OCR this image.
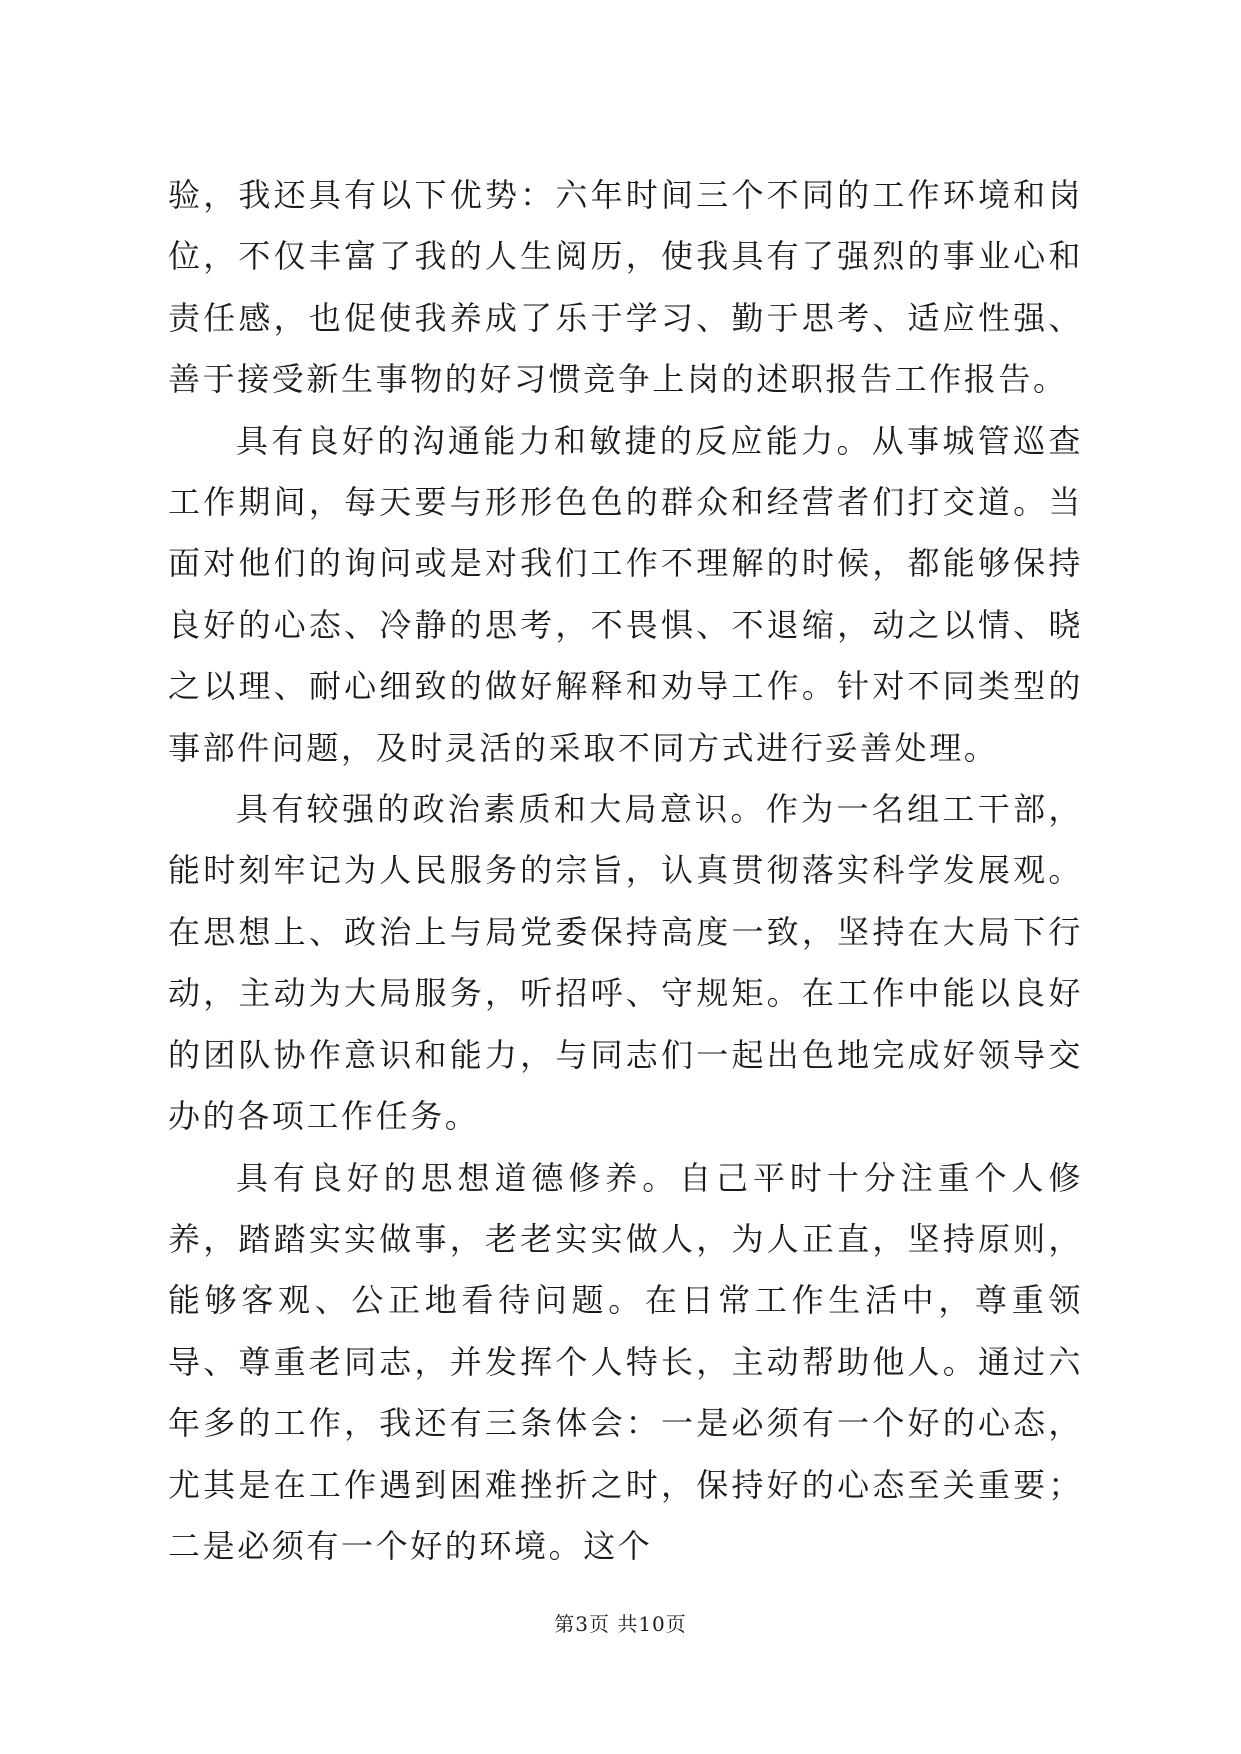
验，我还具有以下优势：六年时间三个不同的工作环境和岗位，不仅丰富了我的人生阅历，使我具有了强烈的事业心和责任感，也促使我养成了乐于学习、勤于思考、适应性强、善于接受新生事物的好习惯竞争上岗的述职报告工作报告。

具有良好的沟通能力和敏捷的反应能力。从事城管巡查工作期间，每天要与形形色色的群众和经营者们打交道。当面对他们的询问或是对我们工作不理解的时候，都能够保持良好的心态、冷静的思考，不畏惧、不退缩，动之以情、晓之以理、耐心细致的做好解释和劝导工作。针对不同类型的事部件问题，及时灵活的采取不同方式进行妥善处理。

具有较强的政治素质和大局意识。作为一名组工干部，能时刻牢记为人民服务的宗旨，认真贯彻落实科学发展观。在思想上、政治上与局党委保持高度一致，坚持在大局下行动，主动为大局服务，听招呼、守规矩。在工作中能以良好的团队协作意识和能力，与同志们一起出色地完成好领导交办的各项工作任务。

具有良好的思想道德修养。自己平时十分注重个人修养，踏踏实实做事，老老实实做人，为人正直，坚持原则，能够客观、公正地看待问题。在日常工作生活中，尊重领导、尊重老同志，并发挥个人特长，主动帮助他人。通过六年多的工作，我还有三条体会：一是必须有一个好的心态，尤其是在工作遇到困难挫折之时，保持好的心态至关重要；二是必须有一个好的环境。这个

第3页 共10页
